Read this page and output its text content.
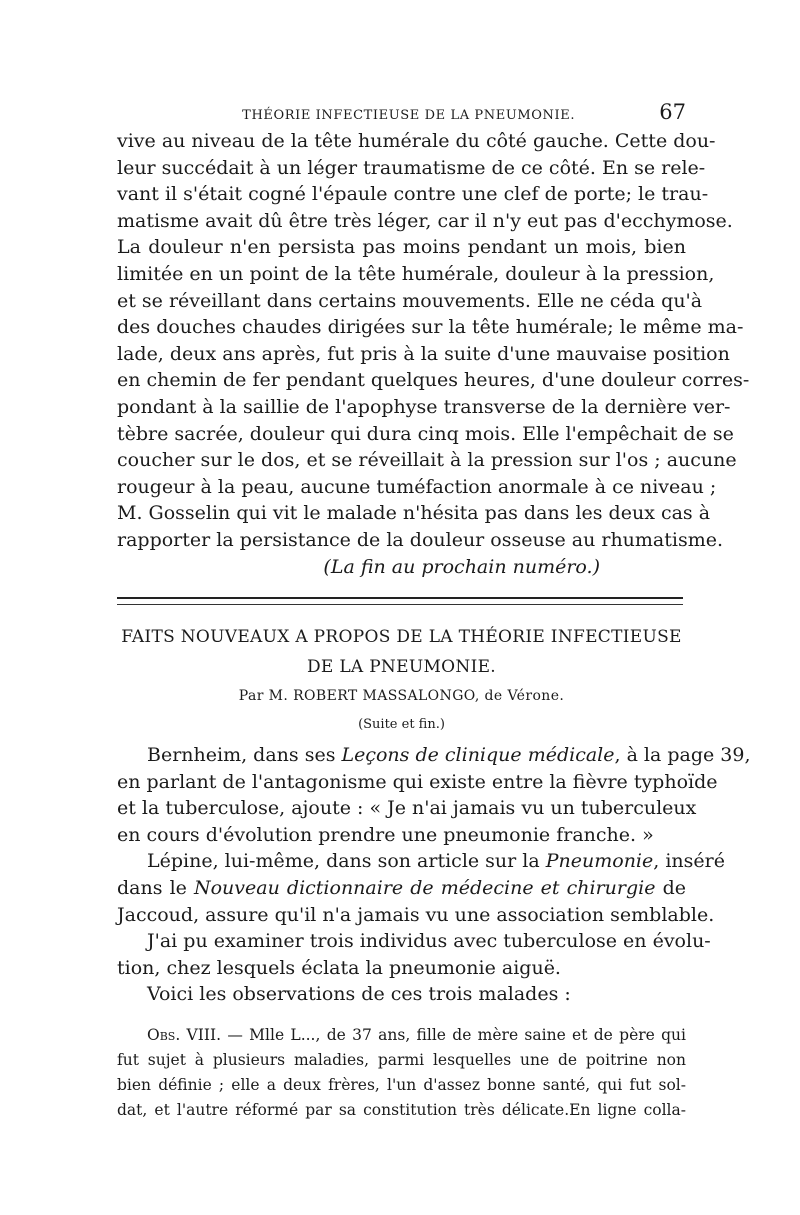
THÉORIE INFECTIEUSE DE LA PNEUMONIE.	67
vive au niveau de la tête humérale du côté gauche. Cette dou-
leur succédait à un léger traumatisme de ce côté. En se rele-
vant il s'était cogné l'épaule contre une clef de porte; le trau-
matisme avait dû être très léger, car il n'y eut pas d'ecchymose.
La douleur n'en persista pas moins pendant un mois, bien
limitée en un point de la tête humérale, douleur à la pression,
et se réveillant dans certains mouvements. Elle ne céda qu'à
des douches chaudes dirigées sur la tête humérale; le même ma-
lade, deux ans après, fut pris à la suite d'une mauvaise position
en chemin de fer pendant quelques heures, d'une douleur corres-
pondant à la saillie de l'apophyse transverse de la dernière ver-
tèbre sacrée, douleur qui dura cinq mois. Elle l'empêchait de se
coucher sur le dos, et se réveillait à la pression sur l'os ; aucune
rougeur à la peau, aucune tuméfaction anormale à ce niveau ;
M. Gosselin qui vit le malade n'hésita pas dans les deux cas à
rapporter la persistance de la douleur osseuse au rhumatisme.
(La fin au prochain numéro.)
FAITS NOUVEAUX A PROPOS DE LA THÉORIE INFECTIEUSE
DE LA PNEUMONIE.
Par M. ROBERT MASSALONGO, de Vérone.
(Suite et fin.)
Bernheim, dans ses Leçons de clinique médicale, à la page 39,
en parlant de l'antagonisme qui existe entre la fièvre typhoïde
et la tuberculose, ajoute : « Je n'ai jamais vu un tuberculeux
en cours d'évolution prendre une pneumonie franche. »
Lépine, lui-même, dans son article sur la Pneumonie, inséré
dans le Nouveau dictionnaire de médecine et chirurgie de
Jaccoud, assure qu'il n'a jamais vu une association semblable.
J'ai pu examiner trois individus avec tuberculose en évolu-
tion, chez lesquels éclata la pneumonie aiguë.
Voici les observations de ces trois malades :
Obs. VIII. — Mlle L..., de 37 ans, fille de mère saine et de père qui
fut sujet à plusieurs maladies, parmi lesquelles une de poitrine non
bien définie ; elle a deux frères, l'un d'assez bonne santé, qui fut sol-
dat, et l'autre réformé par sa constitution très délicate.En ligne colla-
